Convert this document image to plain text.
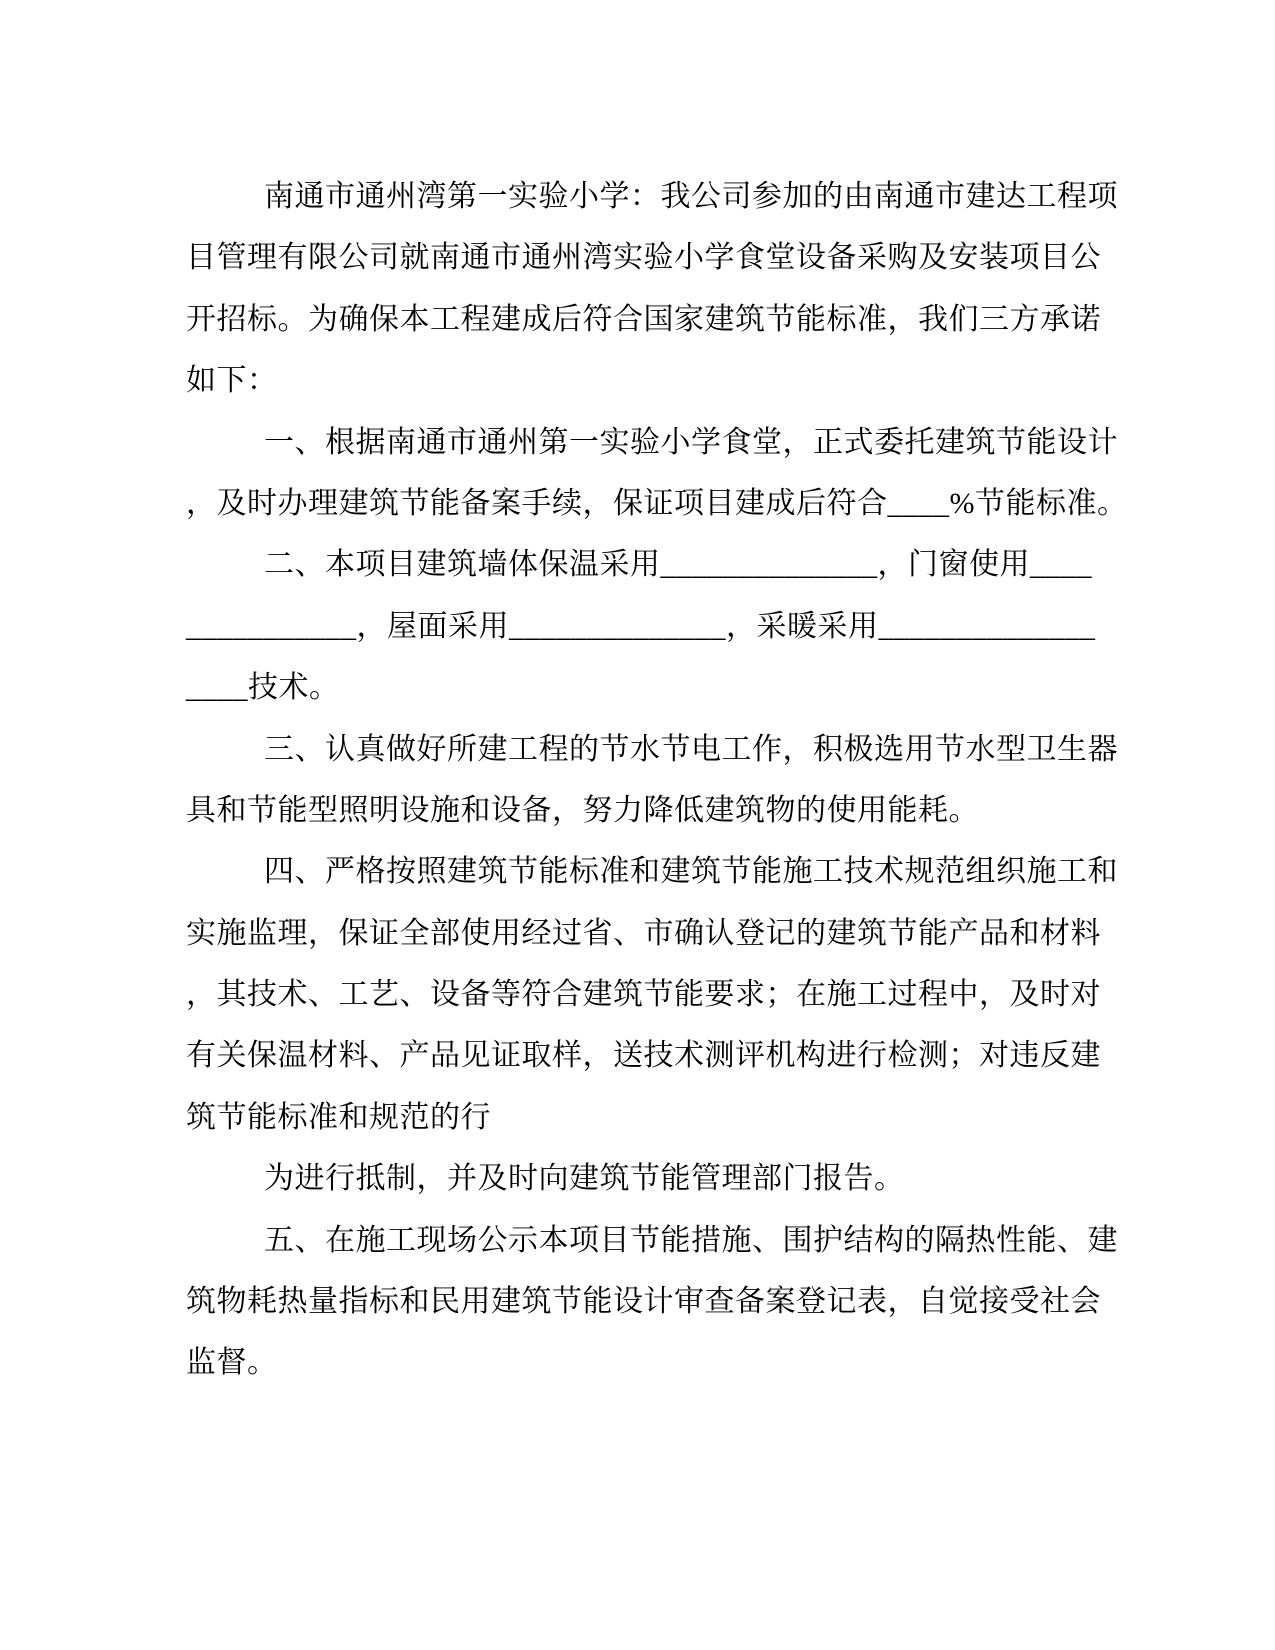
南通市通州湾第一实验小学：我公司参加的由南通市建达工程项
目管理有限公司就南通市通州湾实验小学食堂设备采购及安装项目公
开招标。为确保本工程建成后符合国家建筑节能标准，我们三方承诺
如下：
一、根据南通市通州第一实验小学食堂，正式委托建筑节能设计
，及时办理建筑节能备案手续，保证项目建成后符合____%节能标准。
二、本项目建筑墙体保温采用______________，门窗使用____
___________，屋面采用______________，采暖采用______________
____技术。
三、认真做好所建工程的节水节电工作，积极选用节水型卫生器
具和节能型照明设施和设备，努力降低建筑物的使用能耗。
四、严格按照建筑节能标准和建筑节能施工技术规范组织施工和
实施监理，保证全部使用经过省、市确认登记的建筑节能产品和材料
，其技术、工艺、设备等符合建筑节能要求；在施工过程中，及时对
有关保温材料、产品见证取样，送技术测评机构进行检测；对违反建
筑节能标准和规范的行
为进行抵制，并及时向建筑节能管理部门报告。
五、在施工现场公示本项目节能措施、围护结构的隔热性能、建
筑物耗热量指标和民用建筑节能设计审查备案登记表，自觉接受社会
监督。
